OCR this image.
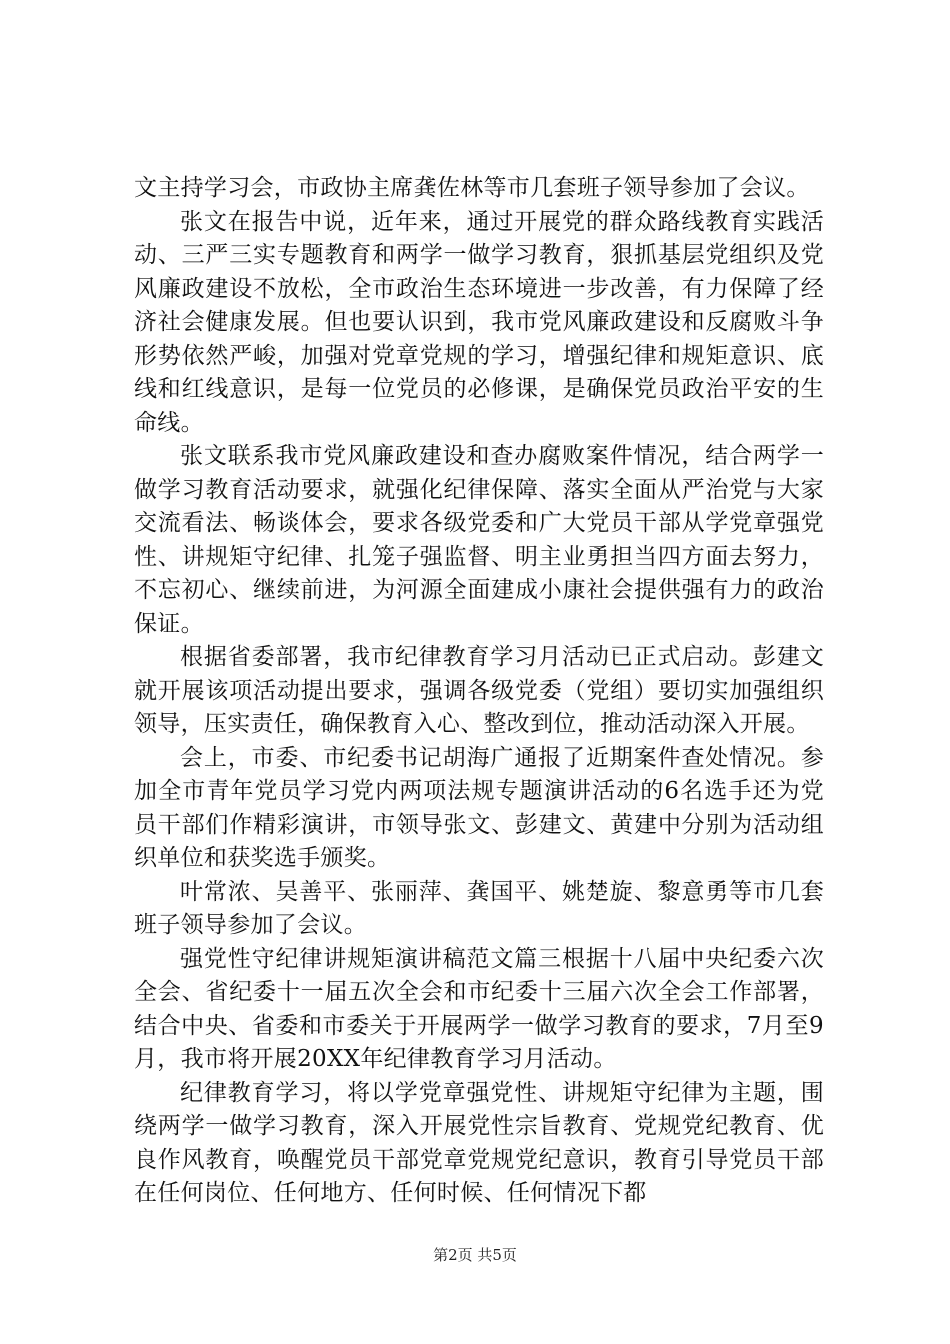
文主持学习会，市政协主席龚佐林等市几套班子领导参加了会议。

张文在报告中说，近年来，通过开展党的群众路线教育实践活动、三严三实专题教育和两学一做学习教育，狠抓基层党组织及党风廉政建设不放松，全市政治生态环境进一步改善，有力保障了经济社会健康发展。但也要认识到，我市党风廉政建设和反腐败斗争形势依然严峻，加强对党章党规的学习，增强纪律和规矩意识、底线和红线意识，是每一位党员的必修课，是确保党员政治平安的生命线。

张文联系我市党风廉政建设和查办腐败案件情况，结合两学一做学习教育活动要求，就强化纪律保障、落实全面从严治党与大家交流看法、畅谈体会，要求各级党委和广大党员干部从学党章强党性、讲规矩守纪律、扎笼子强监督、明主业勇担当四方面去努力，不忘初心、继续前进，为河源全面建成小康社会提供强有力的政治保证。

根据省委部署，我市纪律教育学习月活动已正式启动。彭建文就开展该项活动提出要求，强调各级党委（党组）要切实加强组织领导，压实责任，确保教育入心、整改到位，推动活动深入开展。

会上，市委、市纪委书记胡海广通报了近期案件查处情况。参加全市青年党员学习党内两项法规专题演讲活动的6名选手还为党员干部们作精彩演讲，市领导张文、彭建文、黄建中分别为活动组织单位和获奖选手颁奖。

叶常浓、吴善平、张丽萍、龚国平、姚楚旋、黎意勇等市几套班子领导参加了会议。

强党性守纪律讲规矩演讲稿范文篇三根据十八届中央纪委六次全会、省纪委十一届五次全会和市纪委十三届六次全会工作部署，结合中央、省委和市委关于开展两学一做学习教育的要求，7月至9月，我市将开展20XX年纪律教育学习月活动。

纪律教育学习，将以学党章强党性、讲规矩守纪律为主题，围绕两学一做学习教育，深入开展党性宗旨教育、党规党纪教育、优良作风教育，唤醒党员干部党章党规党纪意识，教育引导党员干部在任何岗位、任何地方、任何时候、任何情况下都

第2页 共5页
